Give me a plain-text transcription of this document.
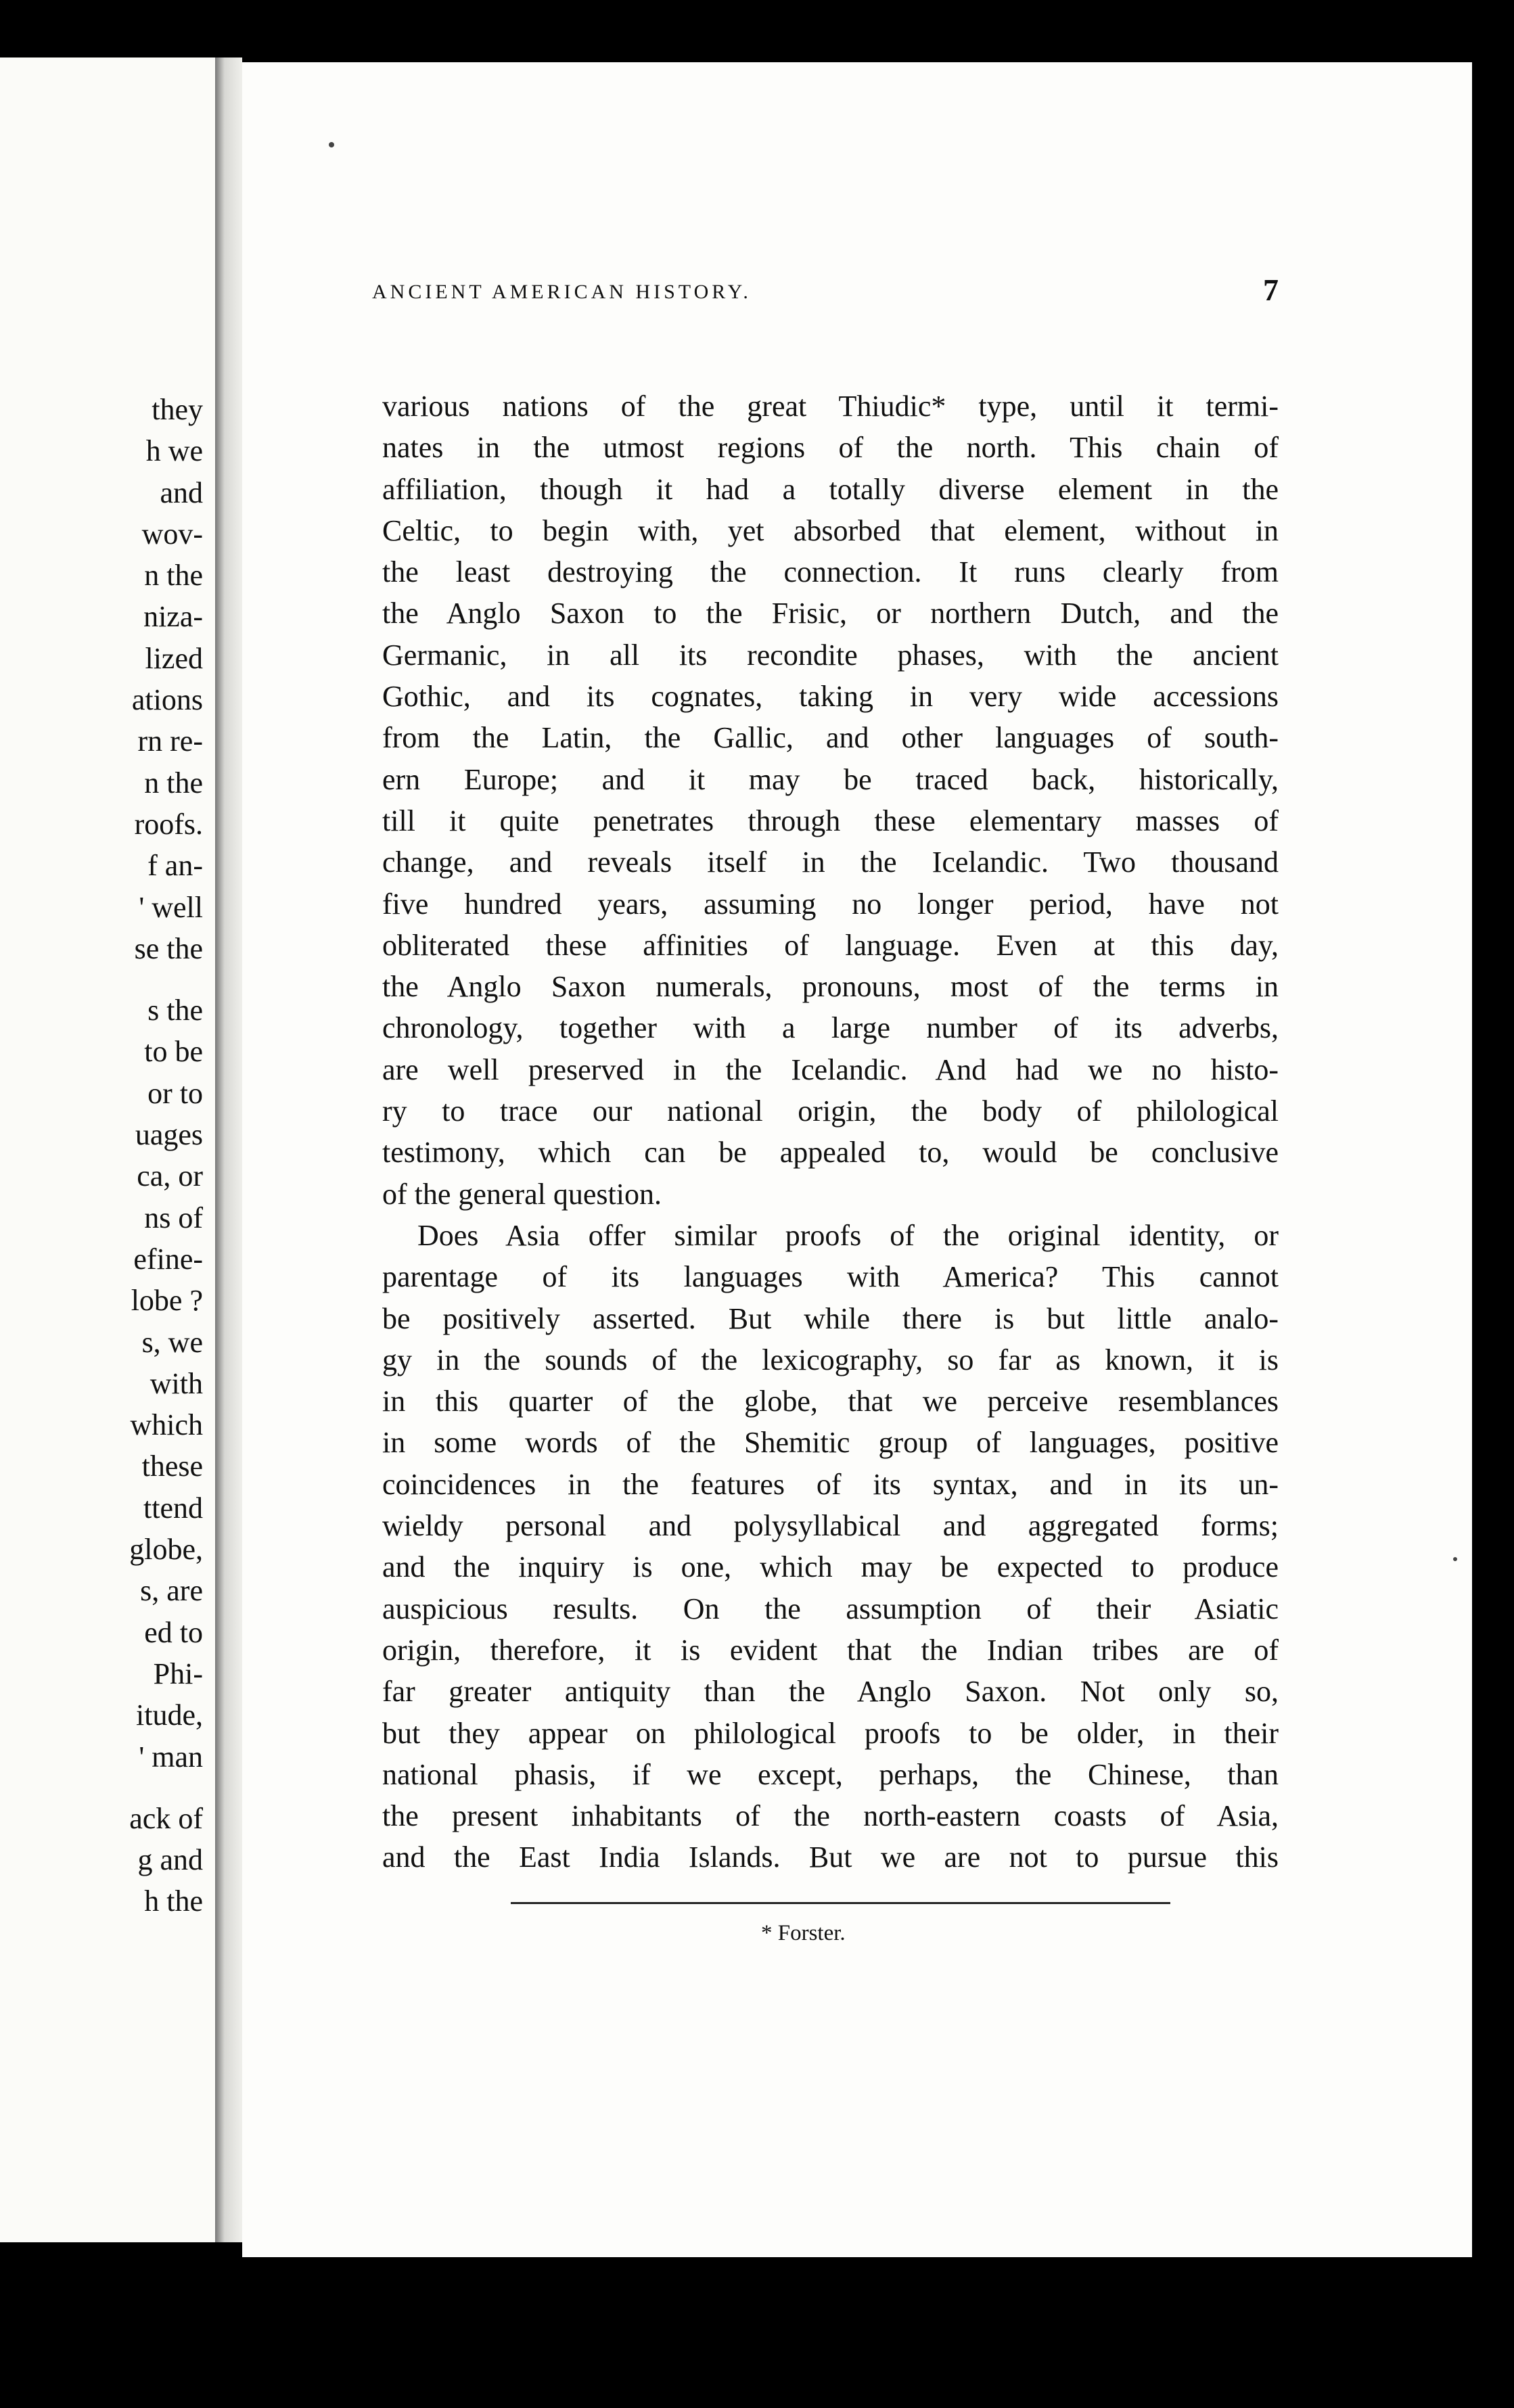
they
h we
and
wov-
n the
niza-
lized
ations
rn re-
n the
roofs.
f an-
' well
se the
s the
to be
or to
uages
ca, or
ns of
efine-
lobe ?
s, we
with
which
these
ttend
globe,
s, are
ed to
Phi-
itude,
' man
ack of
g and
h the
ANCIENT AMERICAN HISTORY.	7
various nations of the great Thiudic* type, until it termi-
nates in the utmost regions of the north. This chain of
affiliation, though it had a totally diverse element in the
Celtic, to begin with, yet absorbed that element, without in
the least destroying the connection. It runs clearly from
the Anglo Saxon to the Frisic, or northern Dutch, and the
Germanic, in all its recondite phases, with the ancient
Gothic, and its cognates, taking in very wide accessions
from the Latin, the Gallic, and other languages of south-
ern Europe; and it may be traced back, historically,
till it quite penetrates through these elementary masses of
change, and reveals itself in the Icelandic. Two thousand
five hundred years, assuming no longer period, have not
obliterated these affinities of language. Even at this day,
the Anglo Saxon numerals, pronouns, most of the terms in
chronology, together with a large number of its adverbs,
are well preserved in the Icelandic. And had we no histo-
ry to trace our national origin, the body of philological
testimony, which can be appealed to, would be conclusive
of the general question.
Does Asia offer similar proofs of the original identity, or
parentage of its languages with America? This cannot
be positively asserted. But while there is but little analo-
gy in the sounds of the lexicography, so far as known, it is
in this quarter of the globe, that we perceive resemblances
in some words of the Shemitic group of languages, positive
coincidences in the features of its syntax, and in its un-
wieldy personal and polysyllabical and aggregated forms;
and the inquiry is one, which may be expected to produce
auspicious results. On the assumption of their Asiatic
origin, therefore, it is evident that the Indian tribes are of
far greater antiquity than the Anglo Saxon. Not only so,
but they appear on philological proofs to be older, in their
national phasis, if we except, perhaps, the Chinese, than
the present inhabitants of the north-eastern coasts of Asia,
and the East India Islands. But we are not to pursue this
* Forster.
